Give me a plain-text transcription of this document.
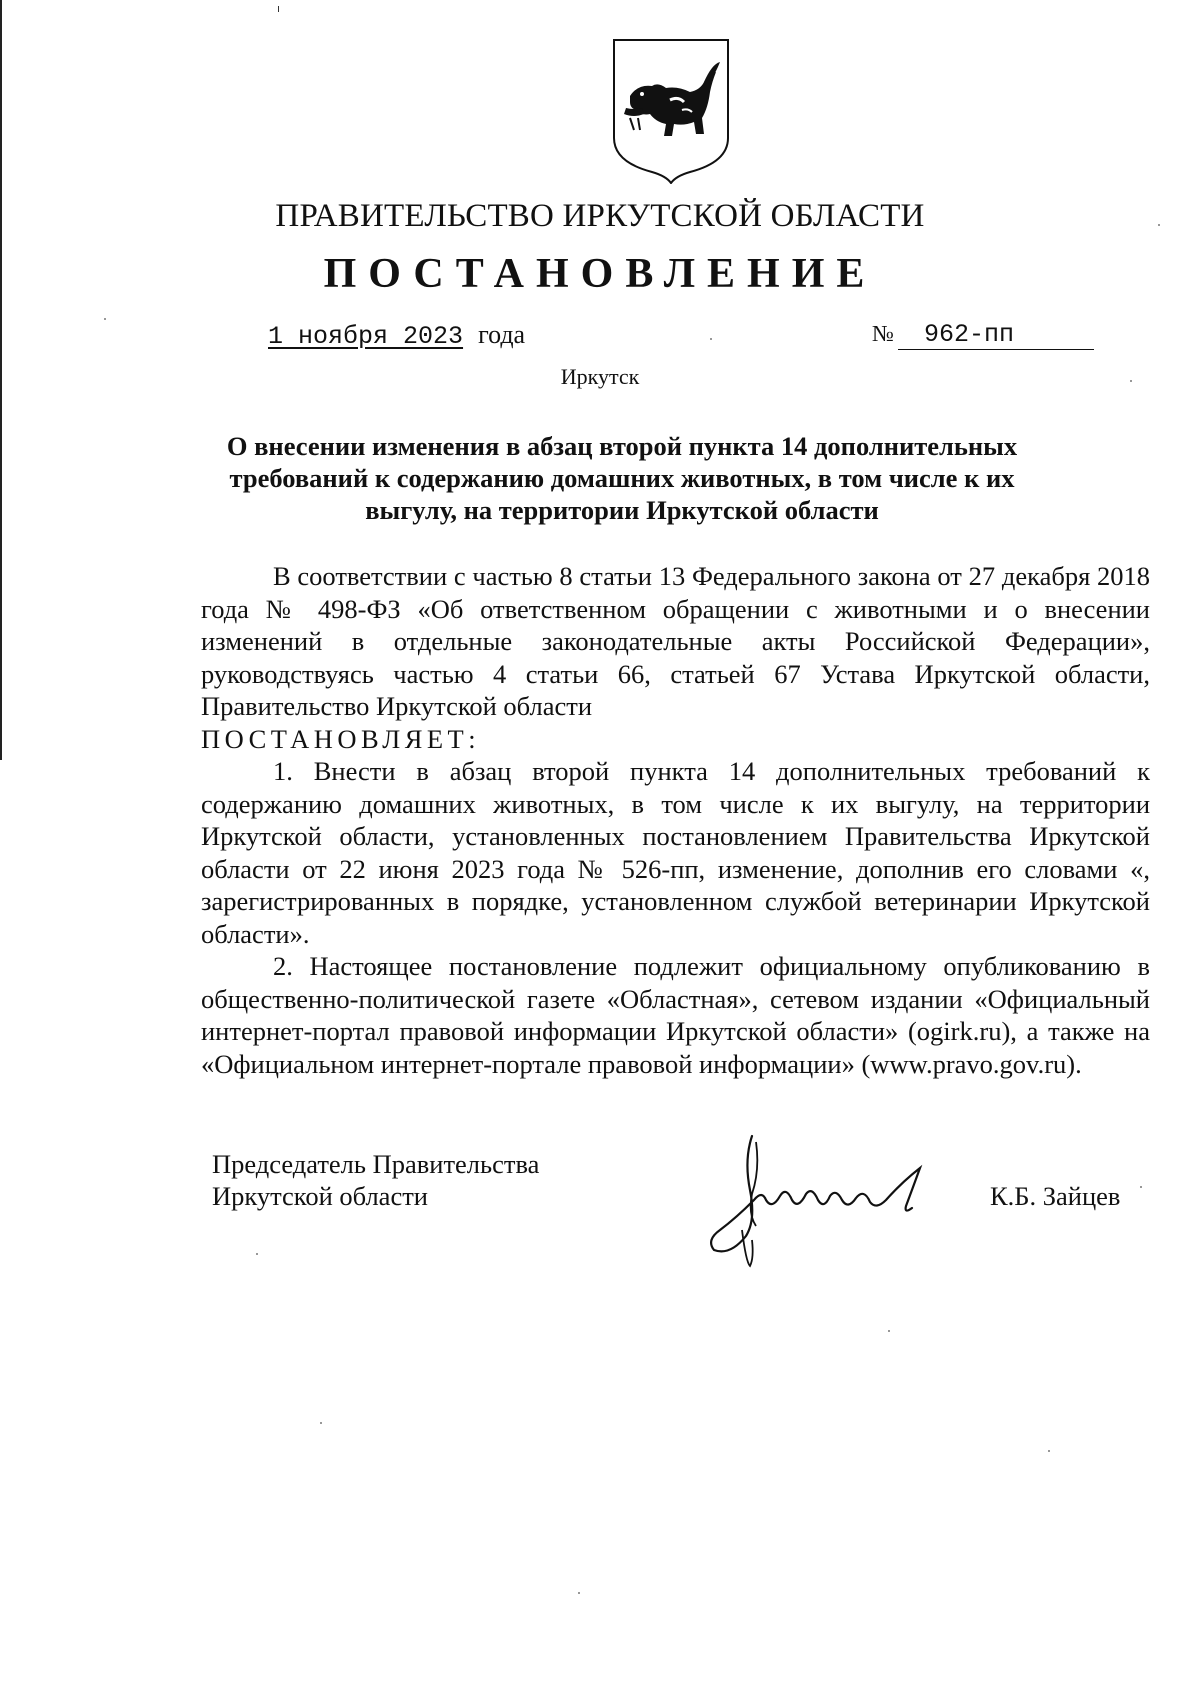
ПРАВИТЕЛЬСТВО ИРКУТСКОЙ ОБЛАСТИ
ПОСТАНОВЛЕНИЕ
1 ноября 2023 года	№ 962-пп
Иркутск
О внесении изменения в абзац второй пункта 14 дополнительных требований к содержанию домашних животных, в том числе к их выгулу, на территории Иркутской области

В соответствии с частью 8 статьи 13 Федерального закона от 27 декабря 2018 года № 498-ФЗ «Об ответственном обращении с животными и о внесении изменений в отдельные законодательные акты Российской Федерации», руководствуясь частью 4 статьи 66, статьей 67 Устава Иркутской области, Правительство Иркутской области

ПОСТАНОВЛЯЕТ:

1. Внести в абзац второй пункта 14 дополнительных требований к содержанию домашних животных, в том числе к их выгулу, на территории Иркутской области, установленных постановлением Правительства Иркутской области от 22 июня 2023 года № 526-пп, изменение, дополнив его словами «, зарегистрированных в порядке, установленном службой ветеринарии Иркутской области».

2. Настоящее постановление подлежит официальному опубликованию в общественно-политической газете «Областная», сетевом издании «Официальный интернет-портал правовой информации Иркутской области» (ogirk.ru), а также на «Официальном интернет-портале правовой информации» (www.pravo.gov.ru).

Председатель Правительства
Иркутской области	К.Б. Зайцев
